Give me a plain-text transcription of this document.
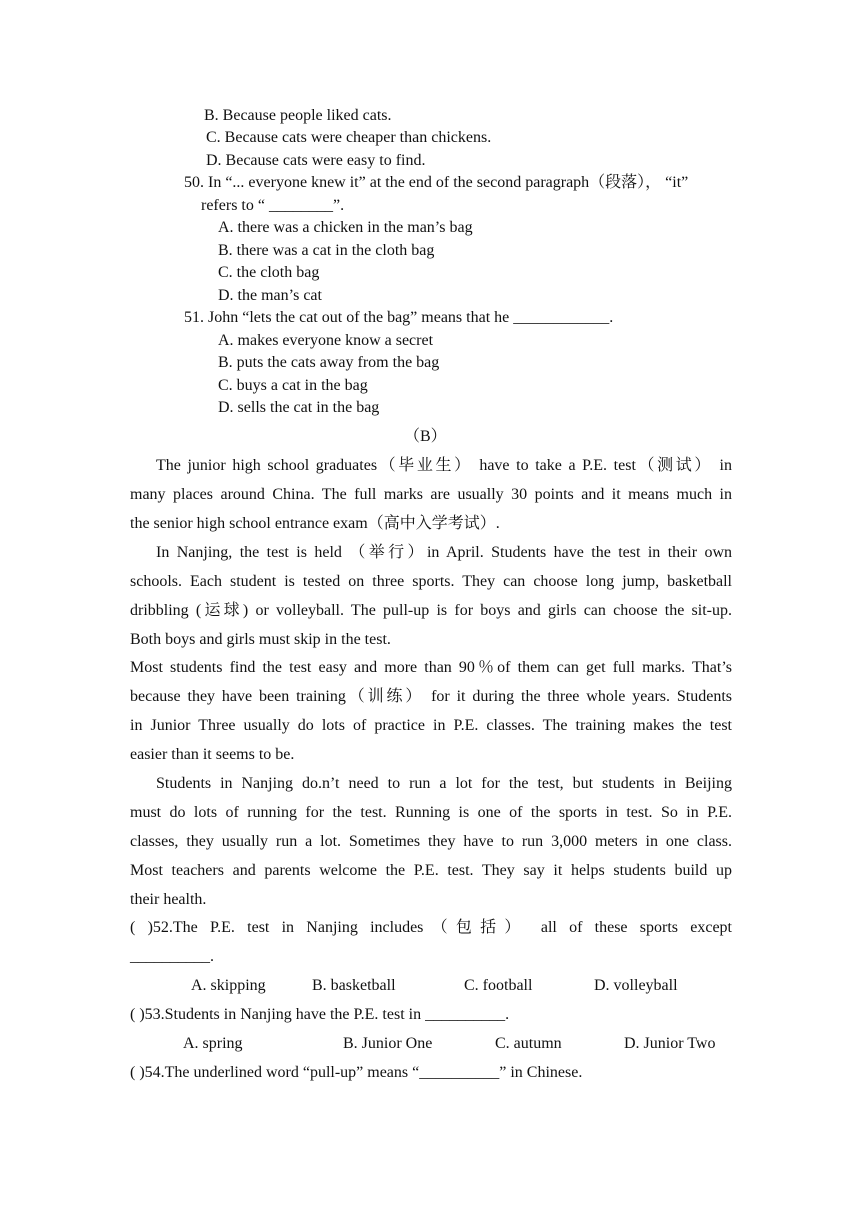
B. Because people liked cats.
C. Because cats were cheaper than chickens.
D. Because cats were easy to find.
50. In “... everyone knew it” at the end of the second paragraph（段落）， “it”
refers to “ ________”.
A. there was a chicken in the man’s bag
B. there was a cat in the cloth bag
C. the cloth bag
D. the man’s cat
51. John “lets the cat out of the bag” means that he ____________.
A. makes everyone know a secret
B. puts the cats away from the bag
C. buys a cat in the bag
D. sells the cat in the bag
（B）
The junior high school graduates（毕业生） have to take a P.E. test（测试） in
many places around China. The full marks are usually 30 points and it means much in
the senior high school entrance exam（高中入学考试）.
In Nanjing, the test is held （举行）in April. Students have the test in their own
schools. Each student is tested on three sports. They can choose long jump, basketball
dribbling (运球) or volleyball. The pull-up is for boys and girls can choose the sit-up.
Both boys and girls must skip in the test.
Most students find the test easy and more than 90％of them can get full marks. That’s
because they have been training（训练） for it during the three whole years. Students
in Junior Three usually do lots of practice in P.E. classes. The training makes the test
easier than it seems to be.
Students in Nanjing do.n’t need to run a lot for the test, but students in Beijing
must do lots of running for the test. Running is one of the sports in test. So in P.E.
classes, they usually run a lot. Sometimes they have to run 3,000 meters in one class.
Most teachers and parents welcome the P.E. test. They say it helps students build up
their health.
( )52.The P.E. test in Nanjing includes（包括） all of these sports except
__________.
A. skipping	B. basketball	C. football	D. volleyball
( )53.Students in Nanjing have the P.E. test in __________.
A. spring	B. Junior One	C. autumn	D. Junior Two
( )54.The underlined word “pull-up” means “__________” in Chinese.
